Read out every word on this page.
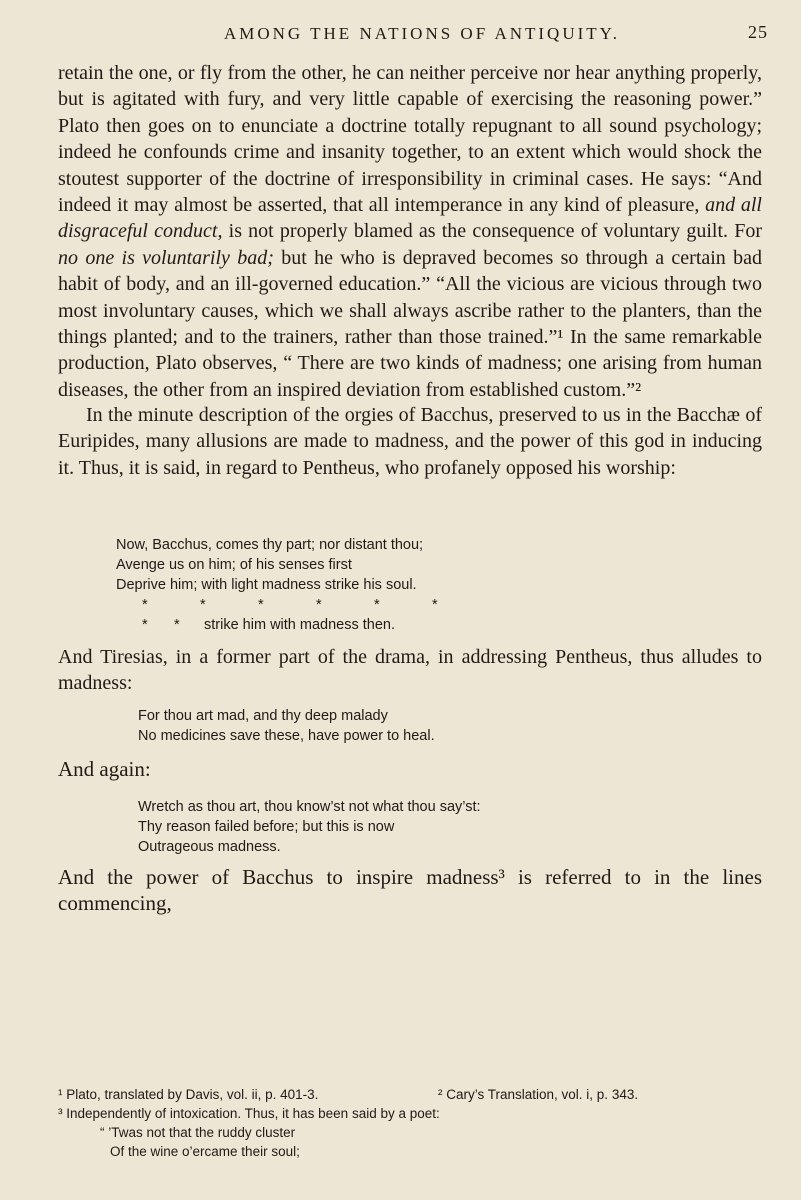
AMONG THE NATIONS OF ANTIQUITY.	25

retain the one, or fly from the other, he can neither perceive nor hear anything properly, but is agitated with fury, and very little capable of exercising the reasoning power.” Plato then goes on to enunciate a doctrine totally repugnant to all sound psychology; indeed he confounds crime and insanity together, to an extent which would shock the stoutest supporter of the doctrine of irresponsibility in criminal cases. He says: “And indeed it may almost be asserted, that all intemperance in any kind of pleasure, and all disgraceful conduct, is not properly blamed as the consequence of voluntary guilt. For no one is voluntarily bad; but he who is depraved becomes so through a certain bad habit of body, and an ill-governed education.” “All the vicious are vicious through two most involuntary causes, which we shall always ascribe rather to the planters, than the things planted; and to the trainers, rather than those trained.”¹ In the same remarkable production, Plato observes, “ There are two kinds of madness; one arising from human diseases, the other from an inspired deviation from established custom.”²

In the minute description of the orgies of Bacchus, preserved to us in the Bacchæ of Euripides, many allusions are made to madness, and the power of this god in inducing it. Thus, it is said, in regard to Pentheus, who profanely opposed his worship:

Now, Bacchus, comes thy part; nor distant thou;
Avenge us on him; of his senses first
Deprive him; with light madness strike his soul.
*	*	*	*	*	*
* * strike him with madness then.

And Tiresias, in a former part of the drama, in addressing Pentheus, thus alludes to madness:

For thou art mad, and thy deep malady
No medicines save these, have power to heal.

And again:

Wretch as thou art, thou know’st not what thou say’st:
Thy reason failed before; but this is now
Outrageous madness.

And the power of Bacchus to inspire madness³ is referred to in the lines commencing,

¹ Plato, translated by Davis, vol. ii, p. 401-3.	² Cary’s Translation, vol. i, p. 343.
³ Independently of intoxication. Thus, it has been said by a poet:
“ ’Twas not that the ruddy cluster
Of the wine o’ercame their soul;
